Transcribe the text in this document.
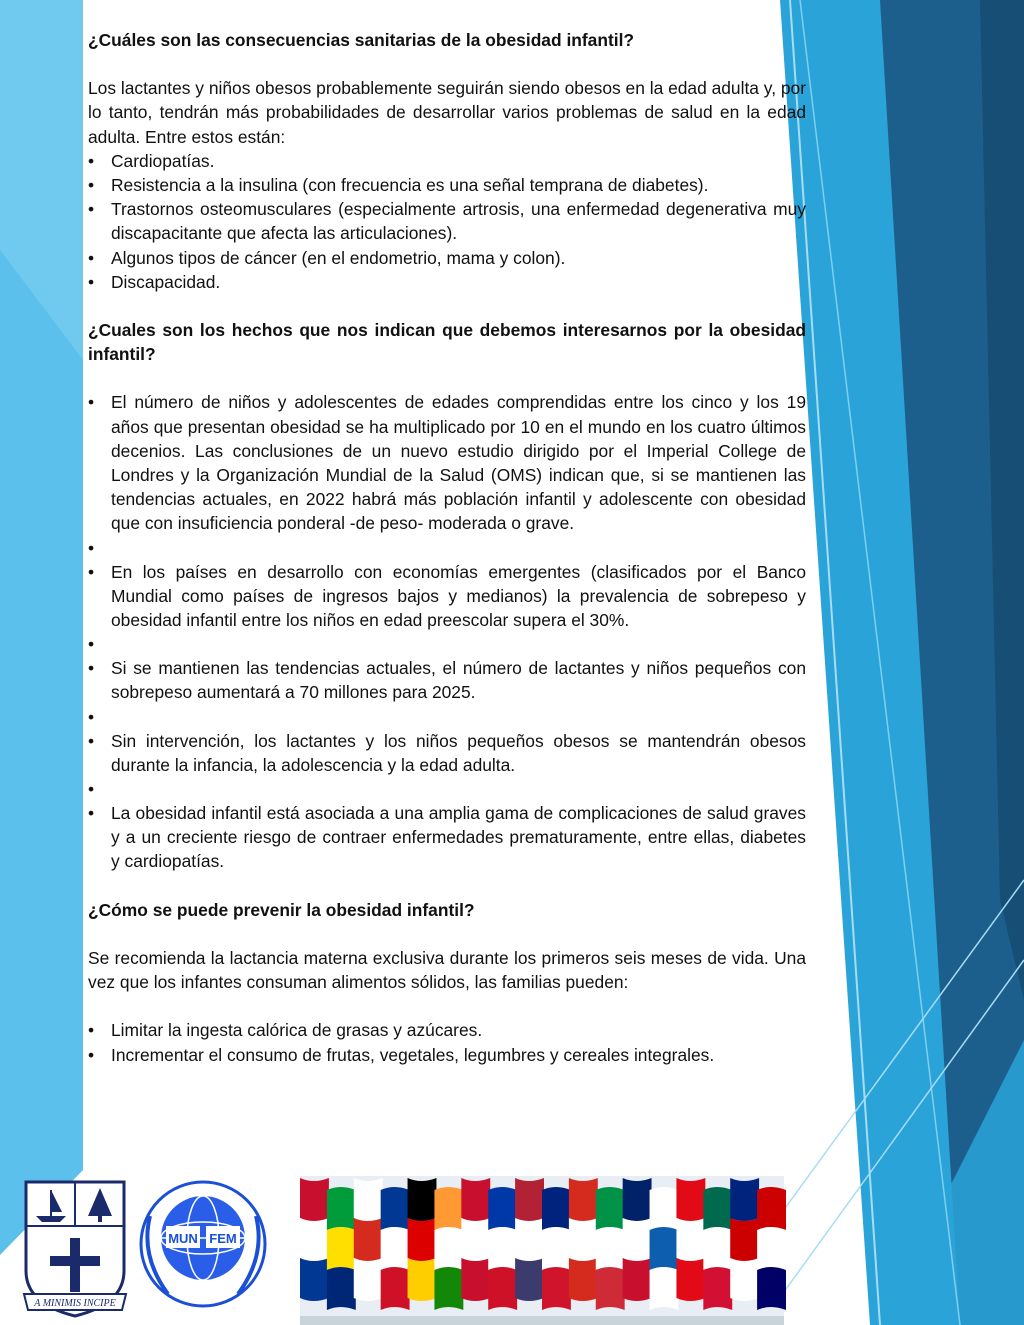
¿Cuáles son las consecuencias sanitarias de la obesidad infantil?

Los lactantes y niños obesos probablemente seguirán siendo obesos en la edad adulta y, por lo tanto, tendrán más probabilidades de desarrollar varios problemas de salud en la edad adulta. Entre estos están:

• Cardiopatías.
• Resistencia a la insulina (con frecuencia es una señal temprana de diabetes).
• Trastornos osteomusculares (especialmente artrosis, una enfermedad degenerativa muy discapacitante que afecta las articulaciones).
• Algunos tipos de cáncer (en el endometrio, mama y colon).
• Discapacidad.

¿Cuales son los hechos que nos indican que debemos interesarnos por la obesidad infantil?

• El número de niños y adolescentes de edades comprendidas entre los cinco y los 19 años que presentan obesidad se ha multiplicado por 10 en el mundo en los cuatro últimos decenios. Las conclusiones de un nuevo estudio dirigido por el Imperial College de Londres y la Organización Mundial de la Salud (OMS) indican que, si se mantienen las tendencias actuales, en 2022 habrá más población infantil y adolescente con obesidad que con insuficiencia ponderal -de peso- moderada o grave.
•
• En los países en desarrollo con economías emergentes (clasificados por el Banco Mundial como países de ingresos bajos y medianos) la prevalencia de sobrepeso y obesidad infantil entre los niños en edad preescolar supera el 30%.
•
• Si se mantienen las tendencias actuales, el número de lactantes y niños pequeños con sobrepeso aumentará a 70 millones para 2025.
•
• Sin intervención, los lactantes y los niños pequeños obesos se mantendrán obesos durante la infancia, la adolescencia y la edad adulta.
•
• La obesidad infantil está asociada a una amplia gama de complicaciones de salud graves y a un creciente riesgo de contraer enfermedades prematuramente, entre ellas, diabetes y cardiopatías.

¿Cómo se puede prevenir la obesidad infantil?

Se recomienda la lactancia materna exclusiva durante los primeros seis meses de vida. Una vez que los infantes consuman alimentos sólidos, las familias pueden:

• Limitar la ingesta calórica de grasas y azúcares.
• Incrementar el consumo de frutas, vegetales, legumbres y cereales integrales.
A MINIMIS INCIPE
MUN FEM
